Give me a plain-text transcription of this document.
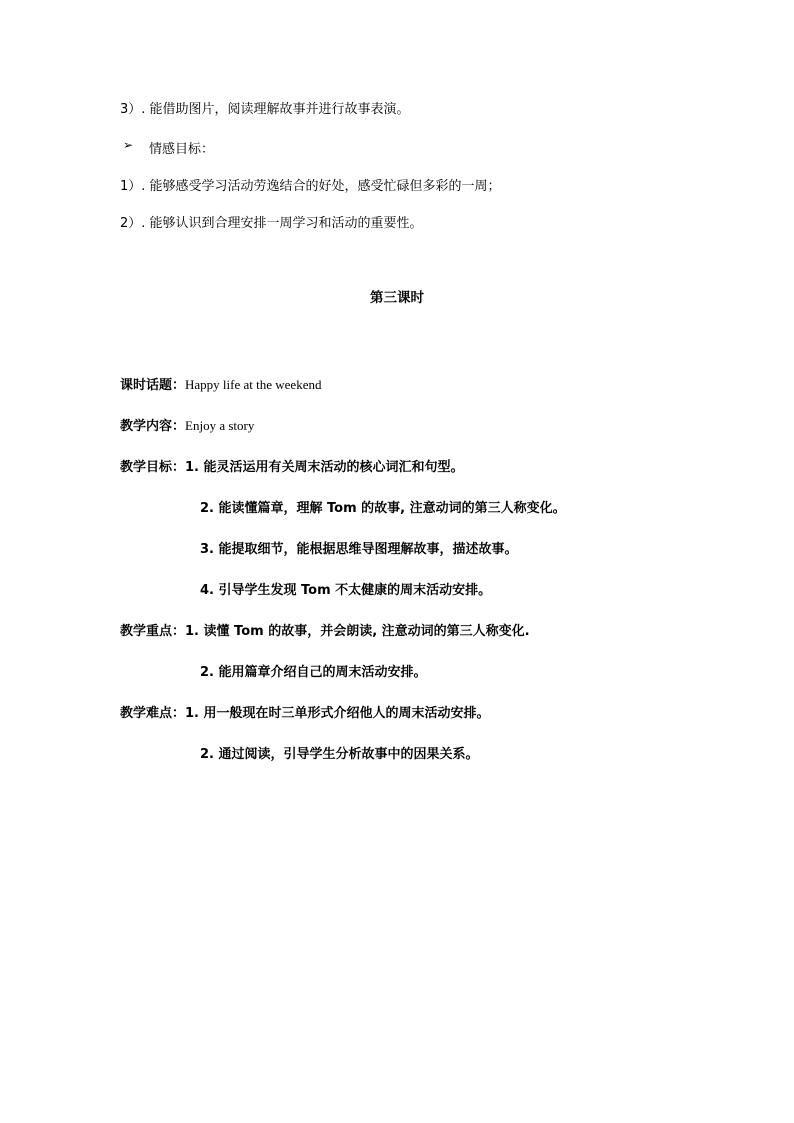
3）. 能借助图片，阅读理解故事并进行故事表演。
➢ 情感目标：
1）. 能够感受学习活动劳逸结合的好处，感受忙碌但多彩的一周；
2）. 能够认识到合理安排一周学习和活动的重要性。
第三课时
课时话题：Happy life at the weekend
教学内容：Enjoy a story
教学目标：1. 能灵活运用有关周末活动的核心词汇和句型。
2. 能读懂篇章，理解 Tom 的故事, 注意动词的第三人称变化。
3. 能提取细节，能根据思维导图理解故事，描述故事。
4. 引导学生发现 Tom 不太健康的周末活动安排。
教学重点：1. 读懂 Tom 的故事，并会朗读, 注意动词的第三人称变化.
2. 能用篇章介绍自己的周末活动安排。
教学难点：1. 用一般现在时三单形式介绍他人的周末活动安排。
2. 通过阅读，引导学生分析故事中的因果关系。
